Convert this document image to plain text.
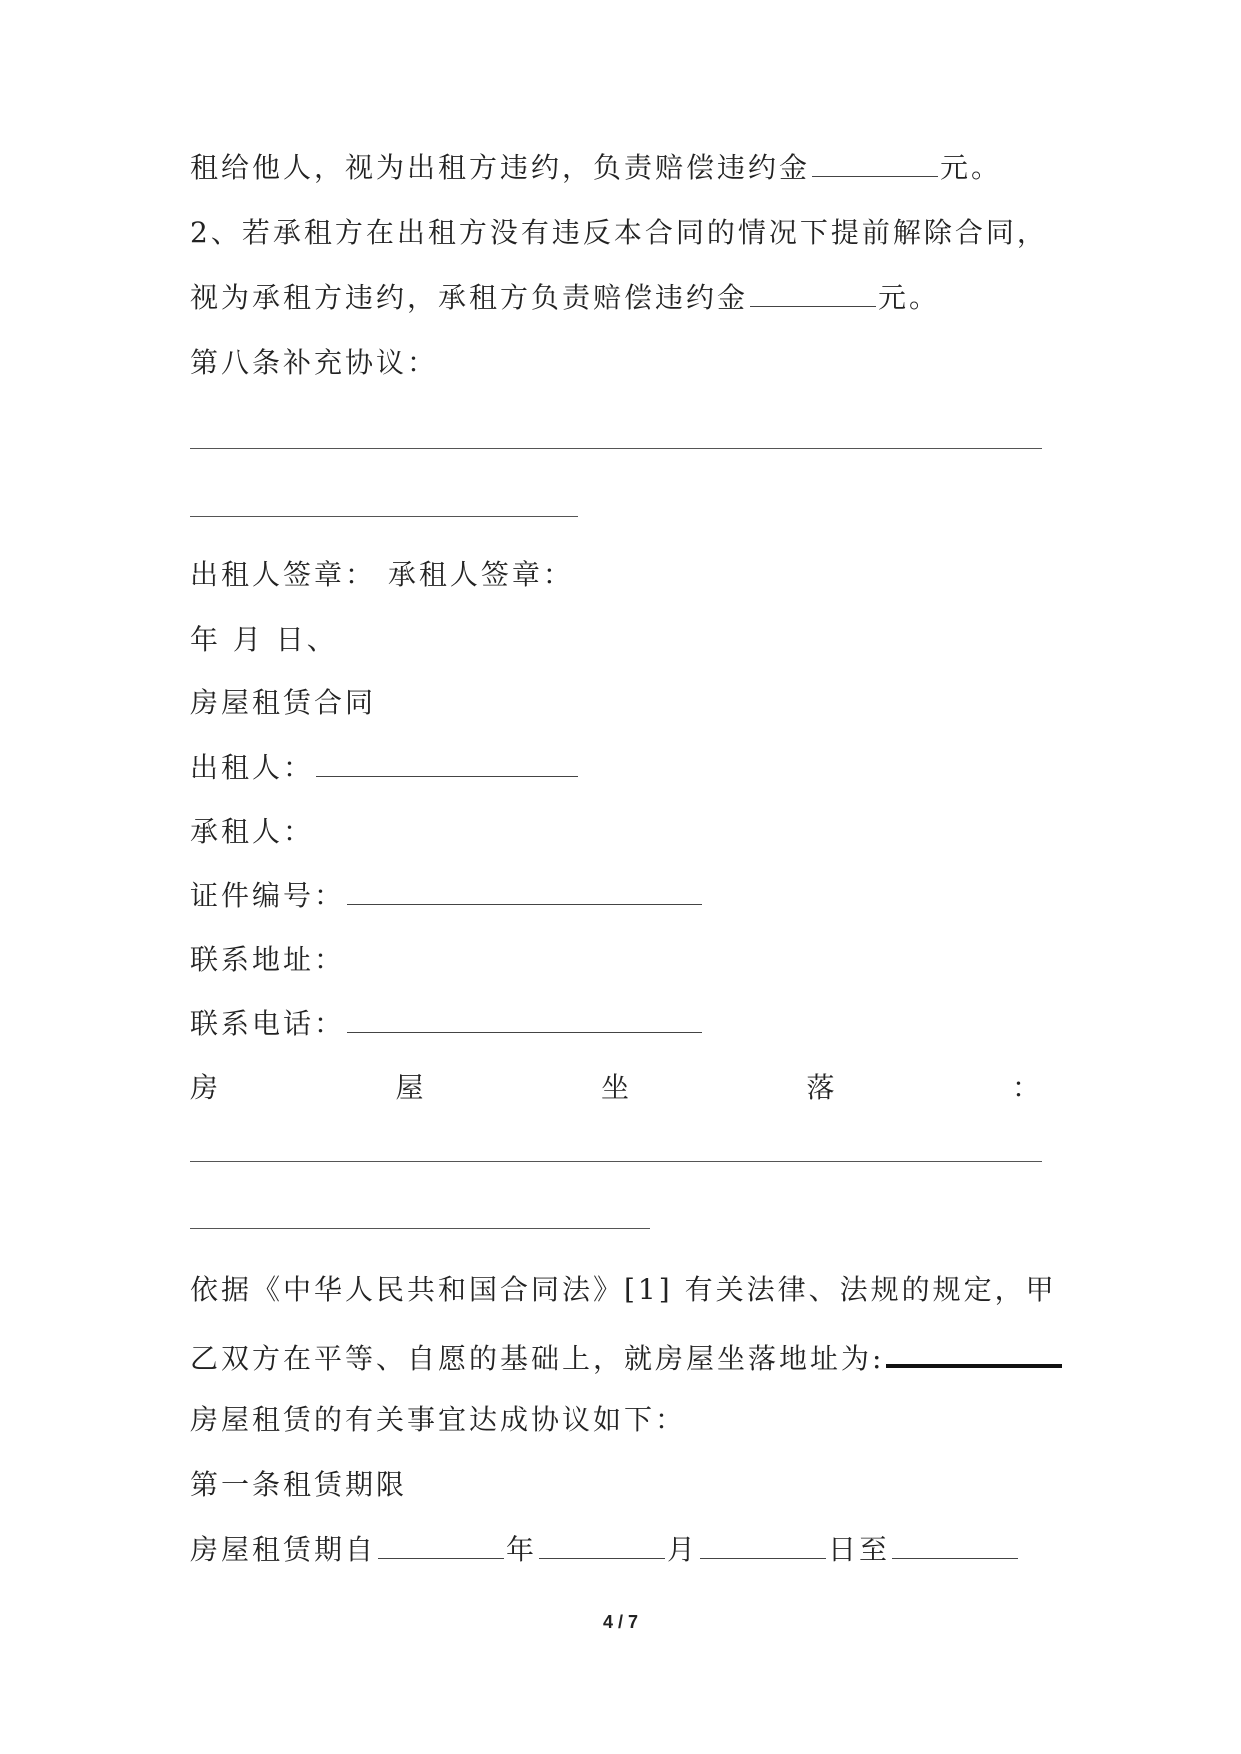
租给他人，视为出租方违约，负责赔偿违约金	元。
2、若承租方在出租方没有违反本合同的情况下提前解除合同，
视为承租方违约，承租方负责赔偿违约金	元。
第八条补充协议：
出租人签章： 承租人签章：
年 月 日、
房屋租赁合同
出租人：
承租人：
证件编号：
联系地址：
联系电话：
房	屋	坐	落	：
依据《中华人民共和国合同法》[1] 有关法律、法规的规定，甲
乙双方在平等、自愿的基础上，就房屋坐落地址为:
房屋租赁的有关事宜达成协议如下：
第一条租赁期限
房屋租赁期自	年	月	日至
4 / 7
